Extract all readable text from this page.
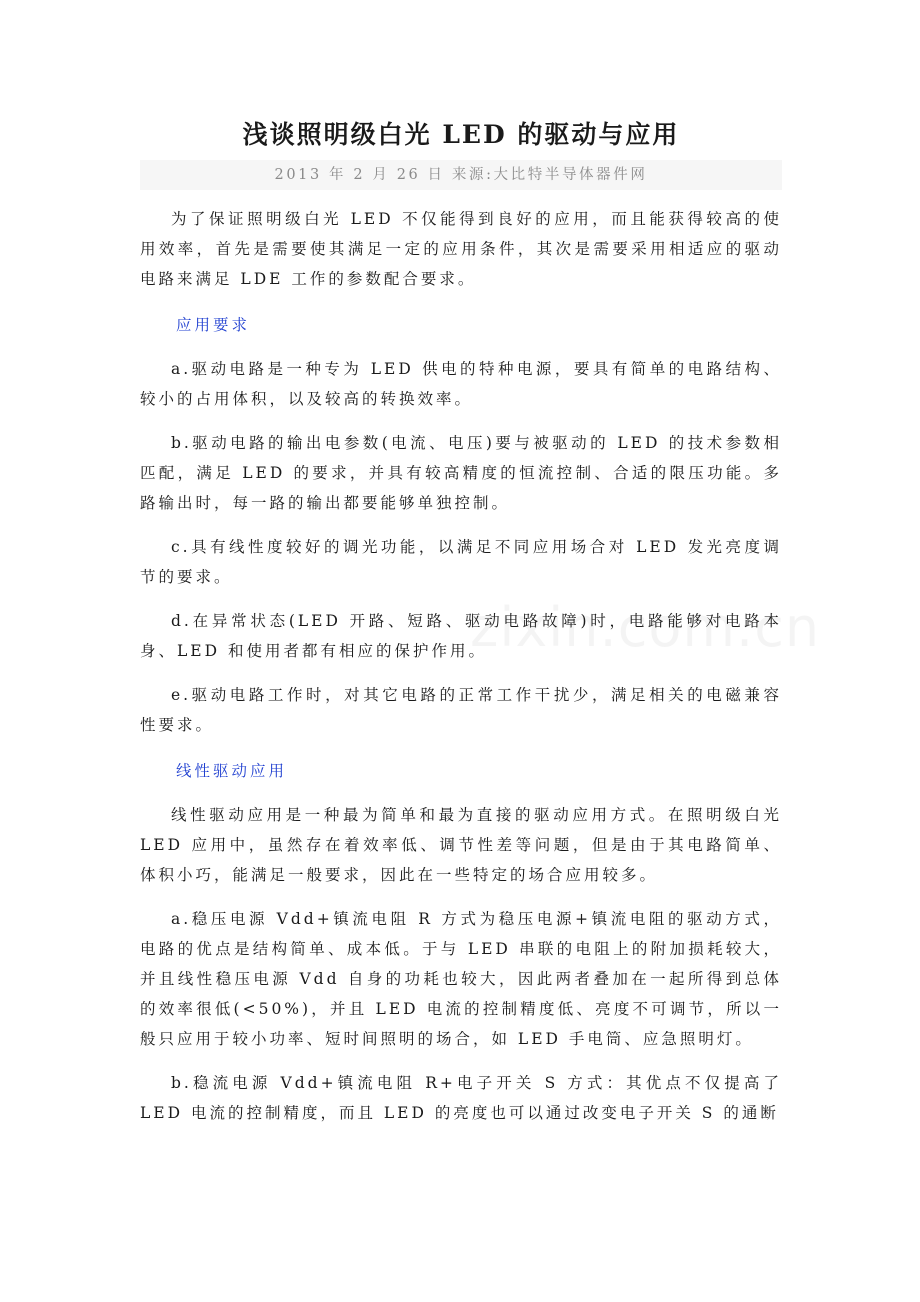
浅谈照明级白光 LED 的驱动与应用
2013 年 2 月 26 日 来源:大比特半导体器件网

为了保证照明级白光 LED 不仅能得到良好的应用，而且能获得较高的使用效率，首先是需要使其满足一定的应用条件，其次是需要采用相适应的驱动电路来满足 LDE 工作的参数配合要求。

应用要求

a.驱动电路是一种专为 LED 供电的特种电源，要具有简单的电路结构、较小的占用体积，以及较高的转换效率。

b.驱动电路的输出电参数(电流、电压)要与被驱动的 LED 的技术参数相匹配，满足 LED 的要求，并具有较高精度的恒流控制、合适的限压功能。多路输出时，每一路的输出都要能够单独控制。

c.具有线性度较好的调光功能，以满足不同应用场合对 LED 发光亮度调节的要求。

d.在异常状态(LED 开路、短路、驱动电路故障)时，电路能够对电路本身、LED 和使用者都有相应的保护作用。

e.驱动电路工作时，对其它电路的正常工作干扰少，满足相关的电磁兼容性要求。

线性驱动应用

线性驱动应用是一种最为简单和最为直接的驱动应用方式。在照明级白光 LED 应用中，虽然存在着效率低、调节性差等问题，但是由于其电路简单、体积小巧，能满足一般要求，因此在一些特定的场合应用较多。

a.稳压电源 Vdd+镇流电阻 R 方式为稳压电源+镇流电阻的驱动方式，电路的优点是结构简单、成本低。于与 LED 串联的电阻上的附加损耗较大，并且线性稳压电源 Vdd 自身的功耗也较大，因此两者叠加在一起所得到总体的效率很低(<50%)，并且 LED 电流的控制精度低、亮度不可调节，所以一般只应用于较小功率、短时间照明的场合，如 LED 手电筒、应急照明灯。

b.稳流电源 Vdd+镇流电阻 R+电子开关 S 方式：其优点不仅提高了 LED 电流的控制精度，而且 LED 的亮度也可以通过改变电子开关 S 的通断
